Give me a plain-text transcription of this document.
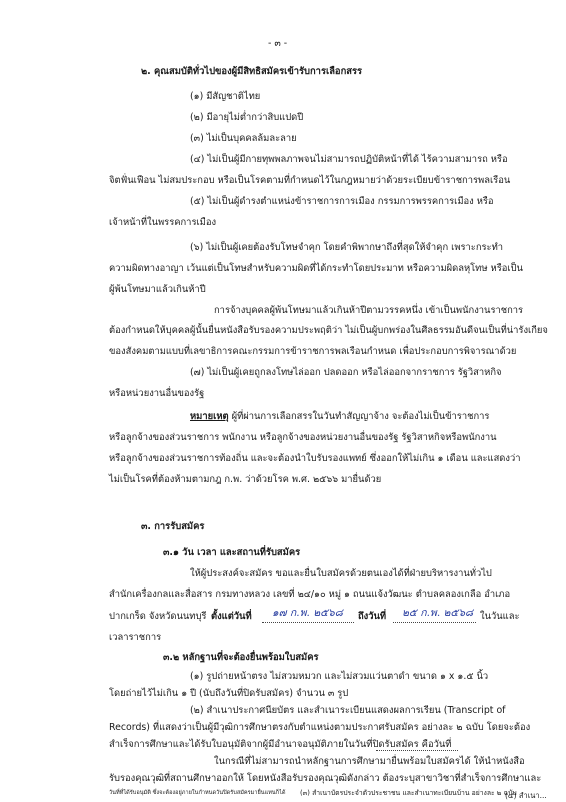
- ๓ -
๒. คุณสมบัติทั่วไปของผู้มีสิทธิสมัครเข้ารับการเลือกสรร
(๑) มีสัญชาติไทย
(๒) มีอายุไม่ต่ำกว่าสิบแปดปี
(๓) ไม่เป็นบุคคลล้มละลาย
(๔) ไม่เป็นผู้มีกายทุพพลภาพจนไม่สามารถปฏิบัติหน้าที่ได้ ไร้ความสามารถ หรือ
จิตฟั่นเฟือน ไม่สมประกอบ หรือเป็นโรคตามที่กำหนดไว้ในกฎหมายว่าด้วยระเบียบข้าราชการพลเรือน
(๕) ไม่เป็นผู้ดำรงตำแหน่งข้าราชการการเมือง กรรมการพรรคการเมือง หรือ
เจ้าหน้าที่ในพรรคการเมือง
(๖) ไม่เป็นผู้เคยต้องรับโทษจำคุก โดยคำพิพากษาถึงที่สุดให้จำคุก เพราะกระทำ
ความผิดทางอาญา เว้นแต่เป็นโทษสำหรับความผิดที่ได้กระทำโดยประมาท หรือความผิดลหุโทษ หรือเป็น
ผู้พ้นโทษมาแล้วเกินห้าปี
การจ้างบุคคลผู้พ้นโทษมาแล้วเกินห้าปีตามวรรคหนึ่ง เข้าเป็นพนักงานราชการ
ต้องกำหนดให้บุคคลผู้นั้นยื่นหนังสือรับรองความประพฤติว่า ไม่เป็นผู้บกพร่องในศีลธรรมอันดีจนเป็นที่น่ารังเกียจ
ของสังคมตามแบบที่เลขาธิการคณะกรรมการข้าราชการพลเรือนกำหนด เพื่อประกอบการพิจารณาด้วย
(๗) ไม่เป็นผู้เคยถูกลงโทษไล่ออก ปลดออก หรือไล่ออกจากราชการ รัฐวิสาหกิจ
หรือหน่วยงานอื่นของรัฐ
หมายเหตุ ผู้ที่ผ่านการเลือกสรรในวันทำสัญญาจ้าง จะต้องไม่เป็นข้าราชการ
หรือลูกจ้างของส่วนราชการ พนักงาน หรือลูกจ้างของหน่วยงานอื่นของรัฐ รัฐวิสาหกิจหรือพนักงาน
หรือลูกจ้างของส่วนราชการท้องถิ่น และจะต้องนำใบรับรองแพทย์ ซึ่งออกให้ไม่เกิน ๑ เดือน และแสดงว่า
ไม่เป็นโรคที่ต้องห้ามตามกฎ ก.พ. ว่าด้วยโรค พ.ศ. ๒๕๖๖ มายื่นด้วย
๓. การรับสมัคร
๓.๑ วัน เวลา และสถานที่รับสมัคร
ให้ผู้ประสงค์จะสมัคร ขอและยื่นใบสมัครด้วยตนเองได้ที่ฝ่ายบริหารงานทั่วไป
สำนักเครื่องกลและสื่อสาร กรมทางหลวง เลขที่ ๒๔/๑๐ หมู่ ๑ ถนนแจ้งวัฒนะ ตำบลคลองเกลือ อำเภอ
ปากเกร็ด จังหวัดนนทบุรี ตั้งแต่วันที่ ๑๗ ก.พ. ๒๕๖๘ ถึงวันที่ ๒๕ ก.พ. ๒๕๖๘ ในวันและ
เวลาราชการ
๓.๒ หลักฐานที่จะต้องยื่นพร้อมใบสมัคร
(๑) รูปถ่ายหน้าตรง ไม่สวมหมวก และไม่สวมแว่นตาดำ ขนาด ๑ x ๑.๕ นิ้ว
โดยถ่ายไว้ไม่เกิน ๑ ปี (นับถึงวันที่ปิดรับสมัคร) จำนวน ๓ รูป
(๒) สำเนาประกาศนียบัตร และสำเนาระเบียนแสดงผลการเรียน (Transcript of
Records) ที่แสดงว่าเป็นผู้มีวุฒิการศึกษาตรงกับตำแหน่งตามประกาศรับสมัคร อย่างละ ๒ ฉบับ โดยจะต้อง
สำเร็จการศึกษาและได้รับใบอนุมัติจากผู้มีอำนาจอนุมัติภายในวันที่ปิดรับสมัคร คือวันที่
ในกรณีที่ไม่สามารถนำหลักฐานการศึกษามายื่นพร้อมใบสมัครได้ ให้นำหนังสือ
รับรองคุณวุฒิที่สถานศึกษาออกให้ โดยหนังสือรับรองคุณวุฒิดังกล่าว ต้องระบุสาขาวิชาที่สำเร็จการศึกษาและ
วันที่ที่ได้รับอนุมัติ ซึ่งจะต้องอยู่ภายในกำหนดวันปิดรับสมัครมายื่นแทนก็ได้ (๓) สำเนาบัตรประจำตัวประชาชน และสำเนาทะเบียนบ้าน อย่างละ ๒ ฉบับ
(๔) สำเนา...
